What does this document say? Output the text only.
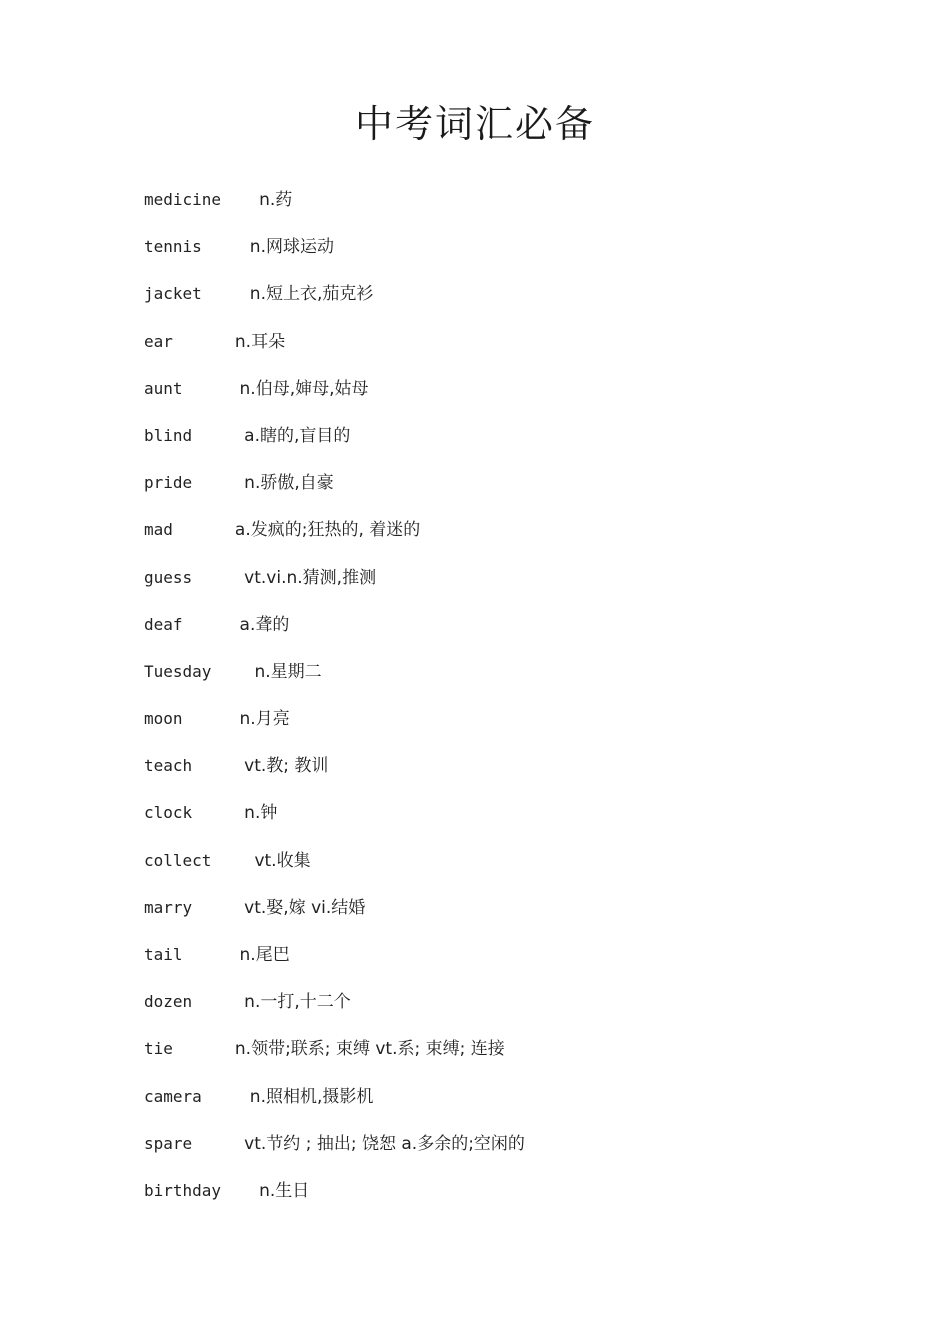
中考词汇必备
medicine n.药
tennis	n.网球运动
jacket	n.短上衣,茄克衫
ear	n.耳朵
aunt	n.伯母,婶母,姑母
blind	a.瞎的,盲目的
pride	n.骄傲,自豪
mad	a.发疯的;狂热的, 着迷的
guess	vt.vi.n.猜测,推测
deaf	a.聋的
Tuesday	n.星期二
moon	n.月亮
teach	vt.教; 教训
clock	n.钟
collect	vt.收集
marry	vt.娶,嫁 vi.结婚
tail	n.尾巴
dozen	n.一打,十二个
tie	n.领带;联系; 束缚 vt.系; 束缚; 连接
camera	n.照相机,摄影机
spare	vt.节约 ; 抽出; 饶恕 a.多余的;空闲的
birthday n.生日
